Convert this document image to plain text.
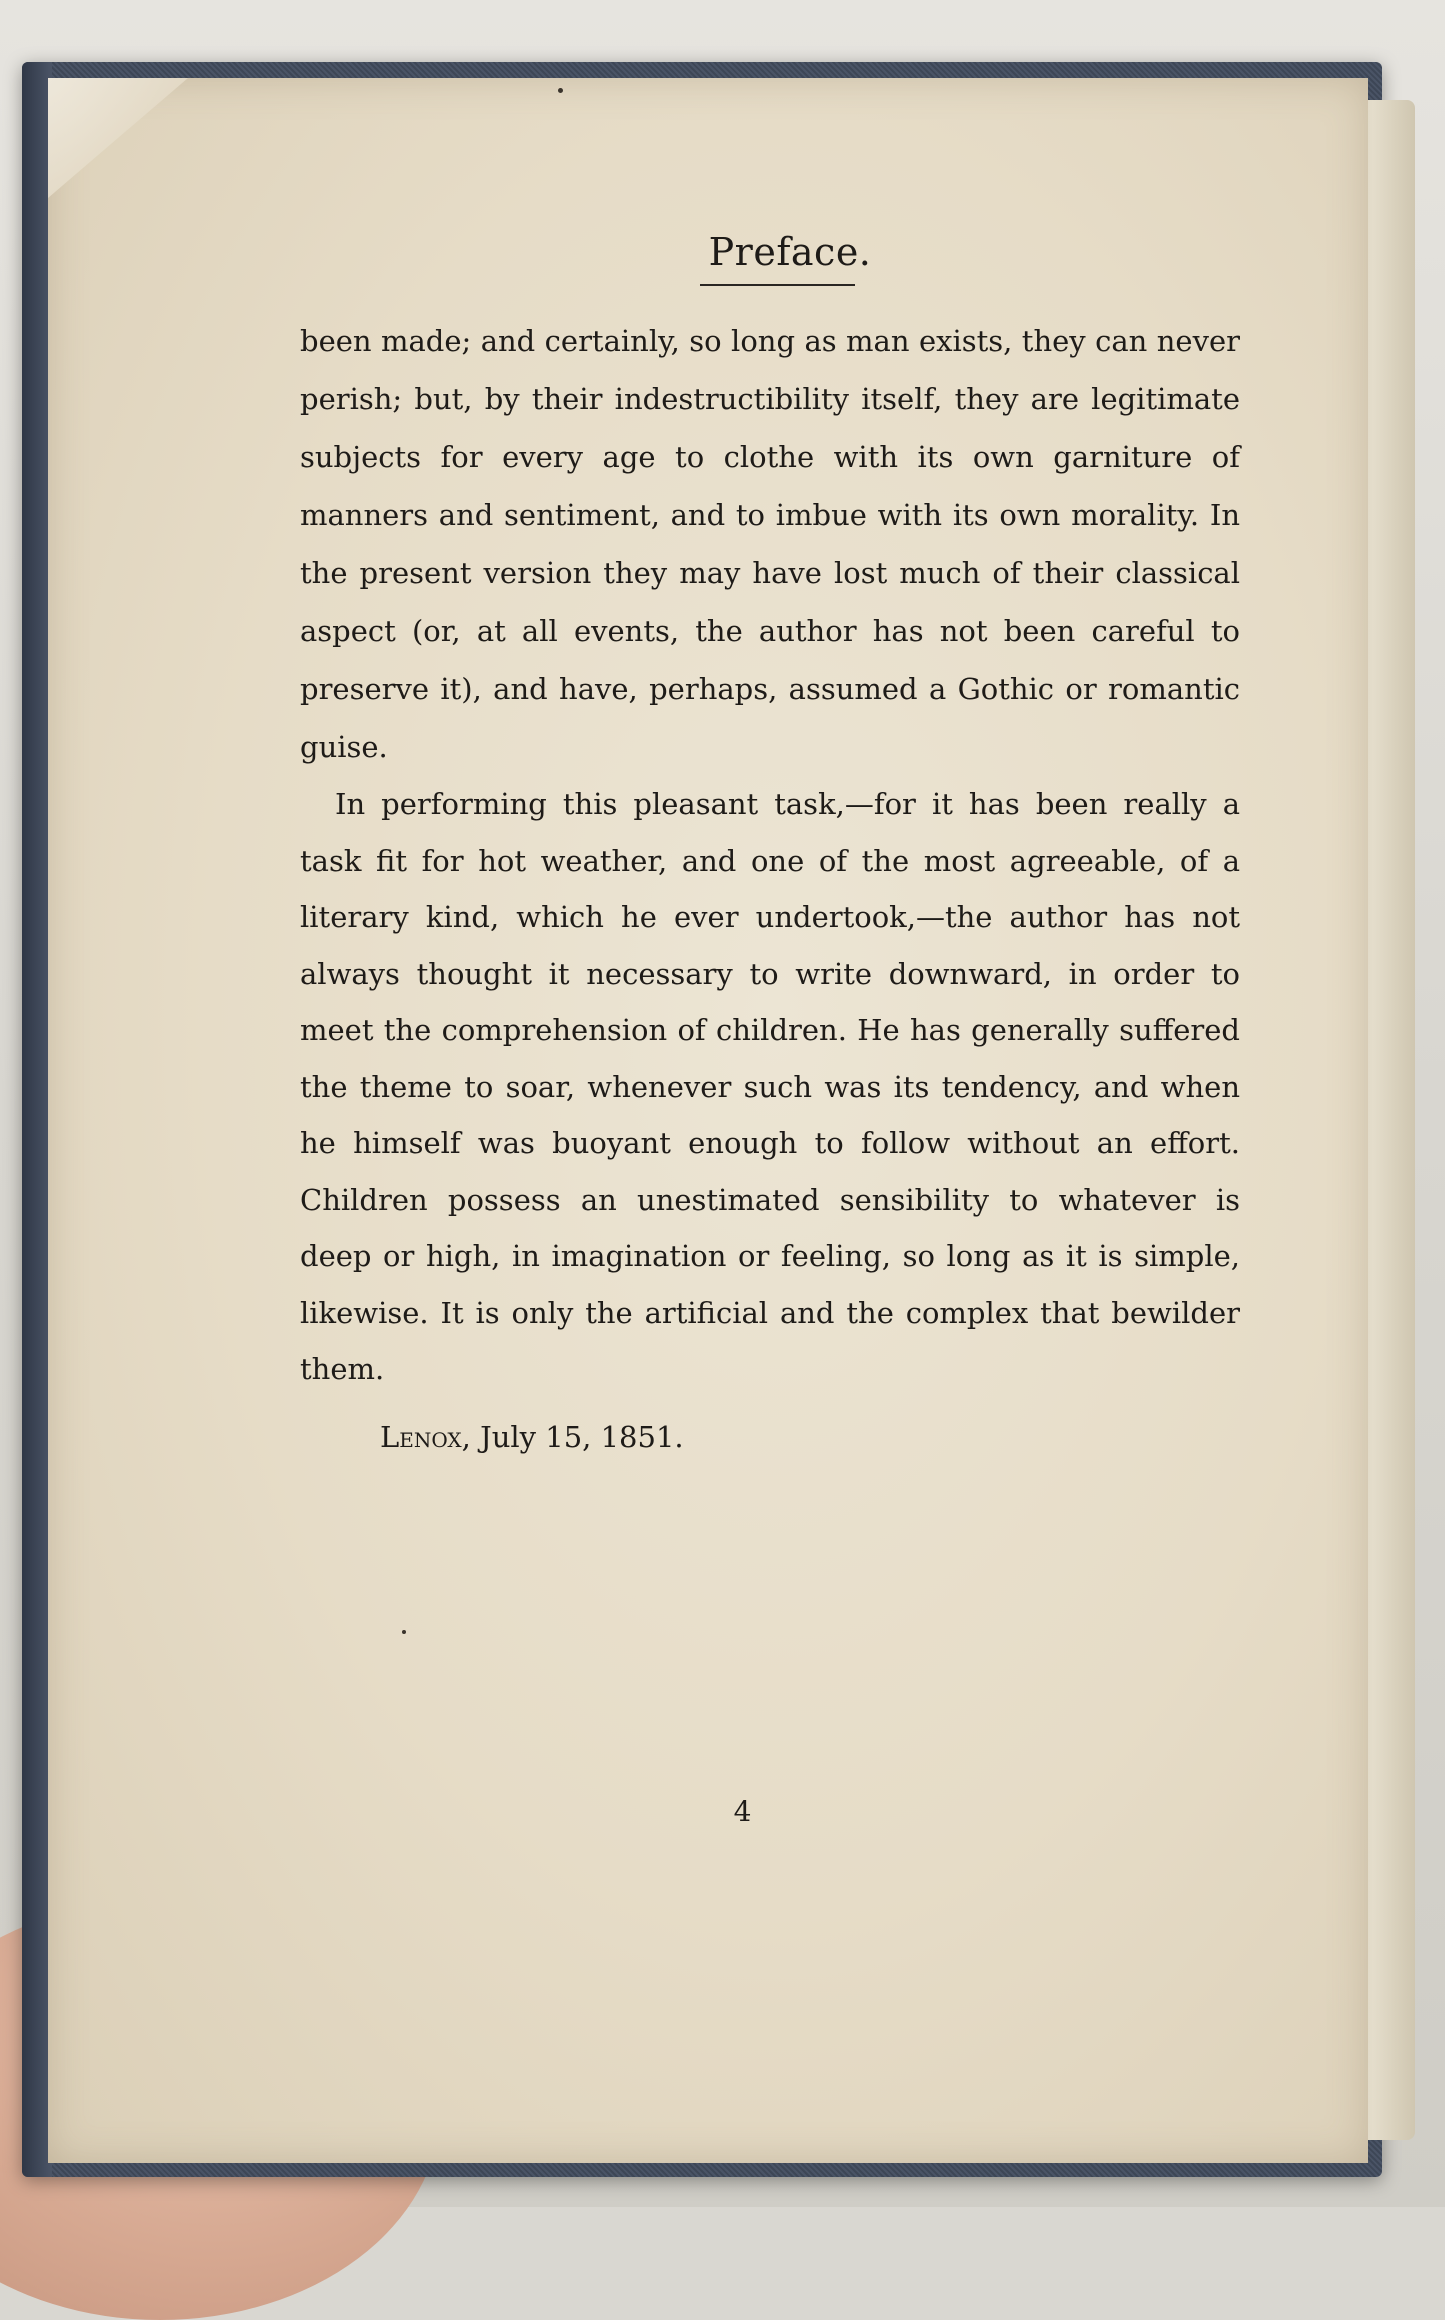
Preface.

been made; and certainly, so long as man exists, they can never perish; but, by their indestructibility itself, they are legitimate subjects for every age to clothe with its own garniture of manners and sentiment, and to imbue with its own morality. In the present version they may have lost much of their classical aspect (or, at all events, the author has not been careful to preserve it), and have, perhaps, assumed a Gothic or romantic guise.

In performing this pleasant task,—for it has been really a task fit for hot weather, and one of the most agreeable, of a literary kind, which he ever undertook,—the author has not always thought it necessary to write downward, in order to meet the comprehension of children. He has generally suffered the theme to soar, whenever such was its tendency, and when he himself was buoyant enough to follow without an effort. Children possess an unestimated sensibility to whatever is deep or high, in imagination or feeling, so long as it is simple, likewise. It is only the artificial and the complex that bewilder them.

Lenox, July 15, 1851.
4
